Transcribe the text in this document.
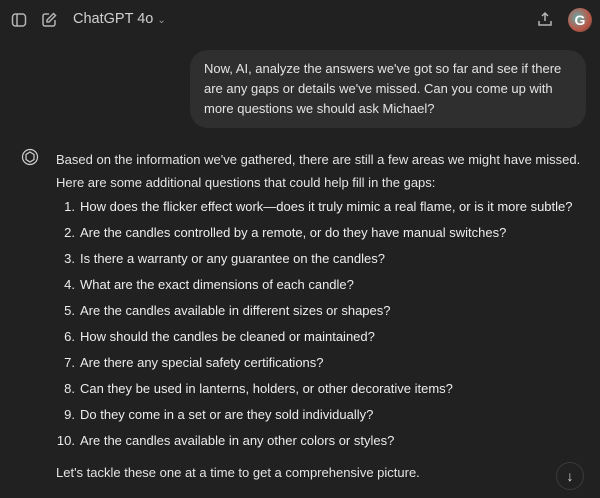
ChatGPT 4o ⌄	G
Now, AI, analyze the answers we've got so far and see if there are any gaps or details we've missed. Can you come up with more questions we should ask Michael?
Based on the information we've gathered, there are still a few areas we might have missed. Here are some additional questions that could help fill in the gaps:
1. How does the flicker effect work—does it truly mimic a real flame, or is it more subtle?
2. Are the candles controlled by a remote, or do they have manual switches?
3. Is there a warranty or any guarantee on the candles?
4. What are the exact dimensions of each candle?
5. Are the candles available in different sizes or shapes?
6. How should the candles be cleaned or maintained?
7. Are there any special safety certifications?
8. Can they be used in lanterns, holders, or other decorative items?
9. Do they come in a set or are they sold individually?
10. Are the candles available in any other colors or styles?
Let's tackle these one at a time to get a comprehensive picture.	↓
